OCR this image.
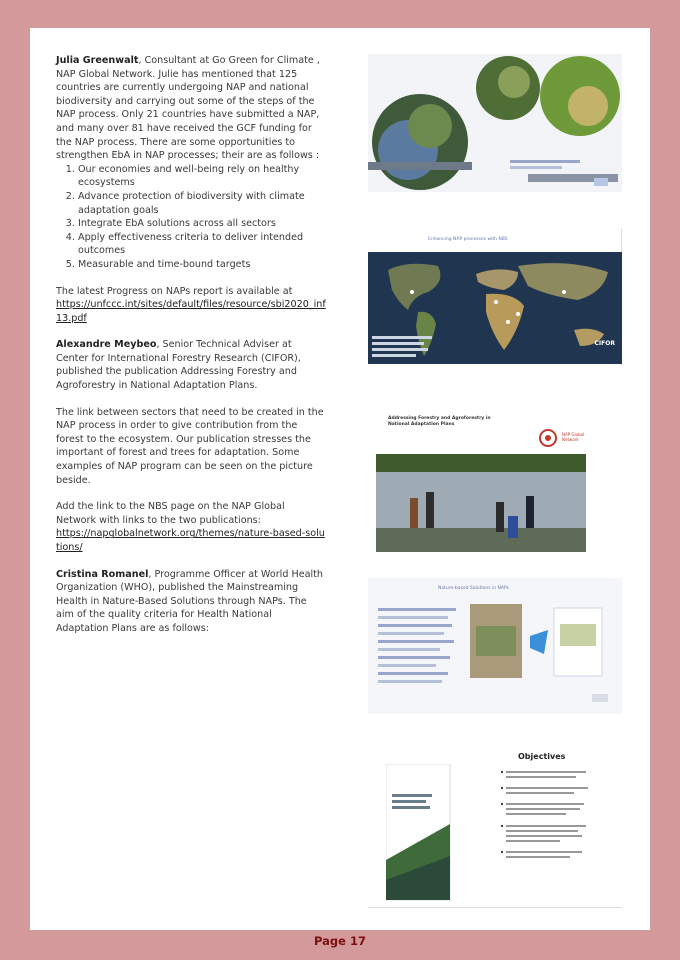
Julia Greenwalt, Consultant at Go Green for Climate , NAP Global Network. Julie has mentioned that 125 countries are currently undergoing NAP and national biodiversity and carrying out some of the steps of the NAP process. Only 21 countries have submitted a NAP, and many over 81 have received the GCF funding for the NAP process. There are some opportunities to strengthen EbA in NAP processes; their are as follows :

1. Our economies and well-being rely on healthy ecosystems
2. Advance protection of biodiversity with climate adaptation goals
3. Integrate EbA solutions across all sectors
4. Apply effectiveness criteria to deliver intended outcomes
5. Measurable and time-bound targets

The latest Progress on NAPs report is available at
https://unfccc.int/sites/default/files/resource/sbi2020_inf13.pdf

Alexandre Meybeo, Senior Technical Adviser at Center for International Forestry Research (CIFOR), published the publication Addressing Forestry and Agroforestry in National Adaptation Plans.

The link between sectors that need to be created in the NAP process in order to give contribution from the forest to the ecosystem. Our publication stresses the important of forest and trees for adaptation. Some examples of NAP program can be seen on the picture beside.

Add the link to the NBS page on the NAP Global Network with links to the two publications:
https://napglobalnetwork.org/themes/nature-based-solutions/

Cristina Romanel, Programme Officer at World Health Organization (WHO), published the Mainstreaming Health in Nature-Based Solutions through NAPs. The aim of the quality criteria for Health National Adaptation Plans are as follows:

Enhancing NAP processes with NBS
CIFOR
Addressing Forestry and Agroforestry in National Adaptation Plans
NAP Global Network
Nature-based Solutions in NAPs
Objectives
Page 17
